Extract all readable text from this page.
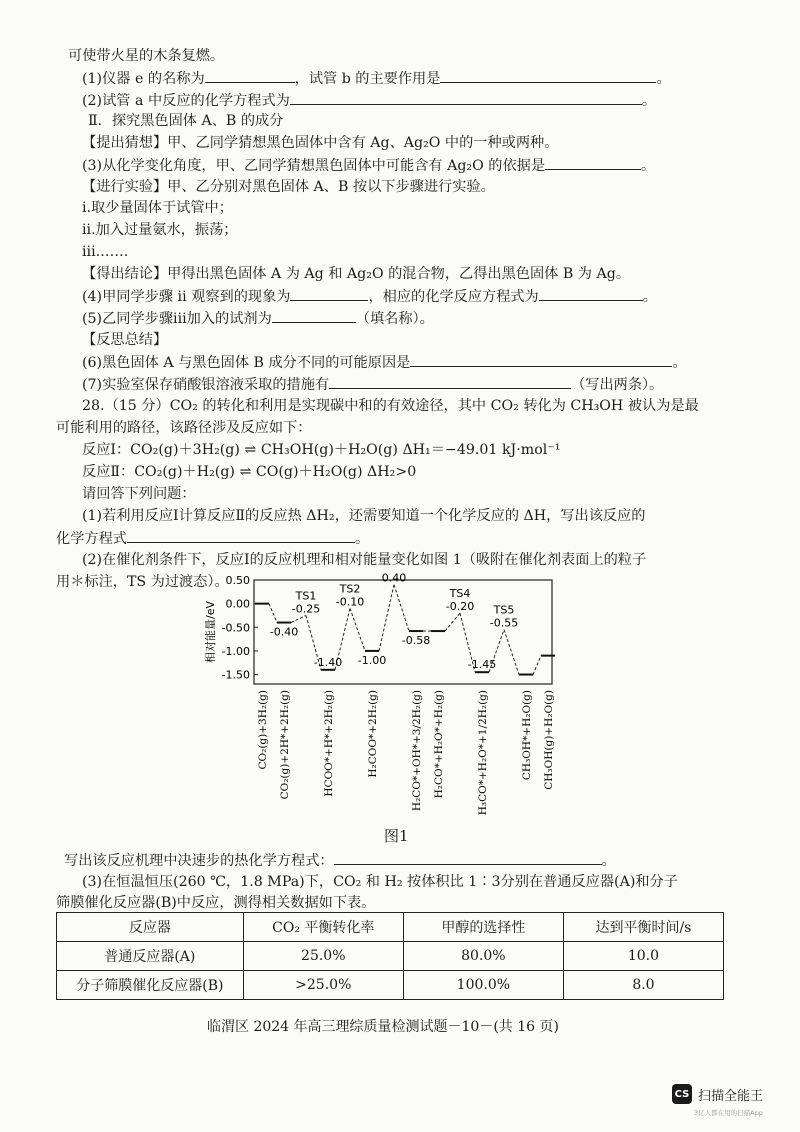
可使带火星的木条复燃。
(1)仪器 e 的名称为	，试管 b 的主要作用是	。
(2)试管 a 中反应的化学方程式为	。
Ⅱ．探究黑色固体 A、B 的成分
【提出猜想】甲、乙同学猜想黑色固体中含有 Ag、Ag₂O 中的一种或两种。
(3)从化学变化角度，甲、乙同学猜想黑色固体中可能含有 Ag₂O 的依据是	。
【进行实验】甲、乙分别对黑色固体 A、B 按以下步骤进行实验。
i.取少量固体于试管中；
ii.加入过量氨水，振荡；
iii.……
【得出结论】甲得出黑色固体 A 为 Ag 和 Ag₂O 的混合物，乙得出黑色固体 B 为 Ag。
(4)甲同学步骤 ii 观察到的现象为	，相应的化学反应方程式为	。
(5)乙同学步骤iii加入的试剂为	（填名称）。
【反思总结】
(6)黑色固体 A 与黑色固体 B 成分不同的可能原因是	。
(7)实验室保存硝酸银溶液采取的措施有	（写出两条）。
28.（15 分）CO₂ 的转化和利用是实现碳中和的有效途径，其中 CO₂ 转化为 CH₃OH 被认为是最
可能利用的路径，该路径涉及反应如下：
反应Ⅰ：CO₂(g)＋3H₂(g) ⇌ CH₃OH(g)＋H₂O(g) ΔH₁＝−49.01 kJ·mol⁻¹
反应Ⅱ：CO₂(g)＋H₂(g) ⇌ CO(g)＋H₂O(g) ΔH₂>0
请回答下列问题：
(1)若利用反应Ⅰ计算反应Ⅱ的反应热 ΔH₂，还需要知道一个化学反应的 ΔH，写出该反应的
化学方程式	。
(2)在催化剂条件下，反应Ⅰ的反应机理和相对能量变化如图 1（吸附在催化剂表面上的粒子
用＊标注，TS 为过渡态）。
0.50
0.00
-0.50
-1.00
-1.50
相对能量/eV	-0.40
TS1
-0.25
-1.40
TS2
-0.10
-1.00
0.40
-0.58
TS4
-0.20
-1.45
TS5
-0.55
CO₂(g)+3H₂(g) CO₂(g)+2H*+2H₂(g)	HCOO*+H*+2H₂(g)	H₂COO*+2H₂(g)	H₂CO*+OH*+3/2H₂(g) H₂CO*+H₂O*+H₂(g)	H₃CO*+H₂O*+1/2H₂(g)	CH₃OH*+H₂O(g) CH₃OH(g)+H₂O(g)
图1
写出该反应机理中决速步的热化学方程式：	。
(3)在恒温恒压(260 ℃，1.8 MPa)下，CO₂ 和 H₂ 按体积比 1∶3分别在普通反应器(A)和分子
筛膜催化反应器(B)中反应，测得相关数据如下表。
反应器	CO₂ 平衡转化率	甲醇的选择性	达到平衡时间/s
普通反应器(A)	25.0%	80.0%	10.0
分子筛膜催化反应器(B)	>25.0%	100.0%	8.0
临渭区 2024 年高三理综质量检测试题－10－(共 16 页)
CS 扫描全能王
3亿人都在用的扫描App
